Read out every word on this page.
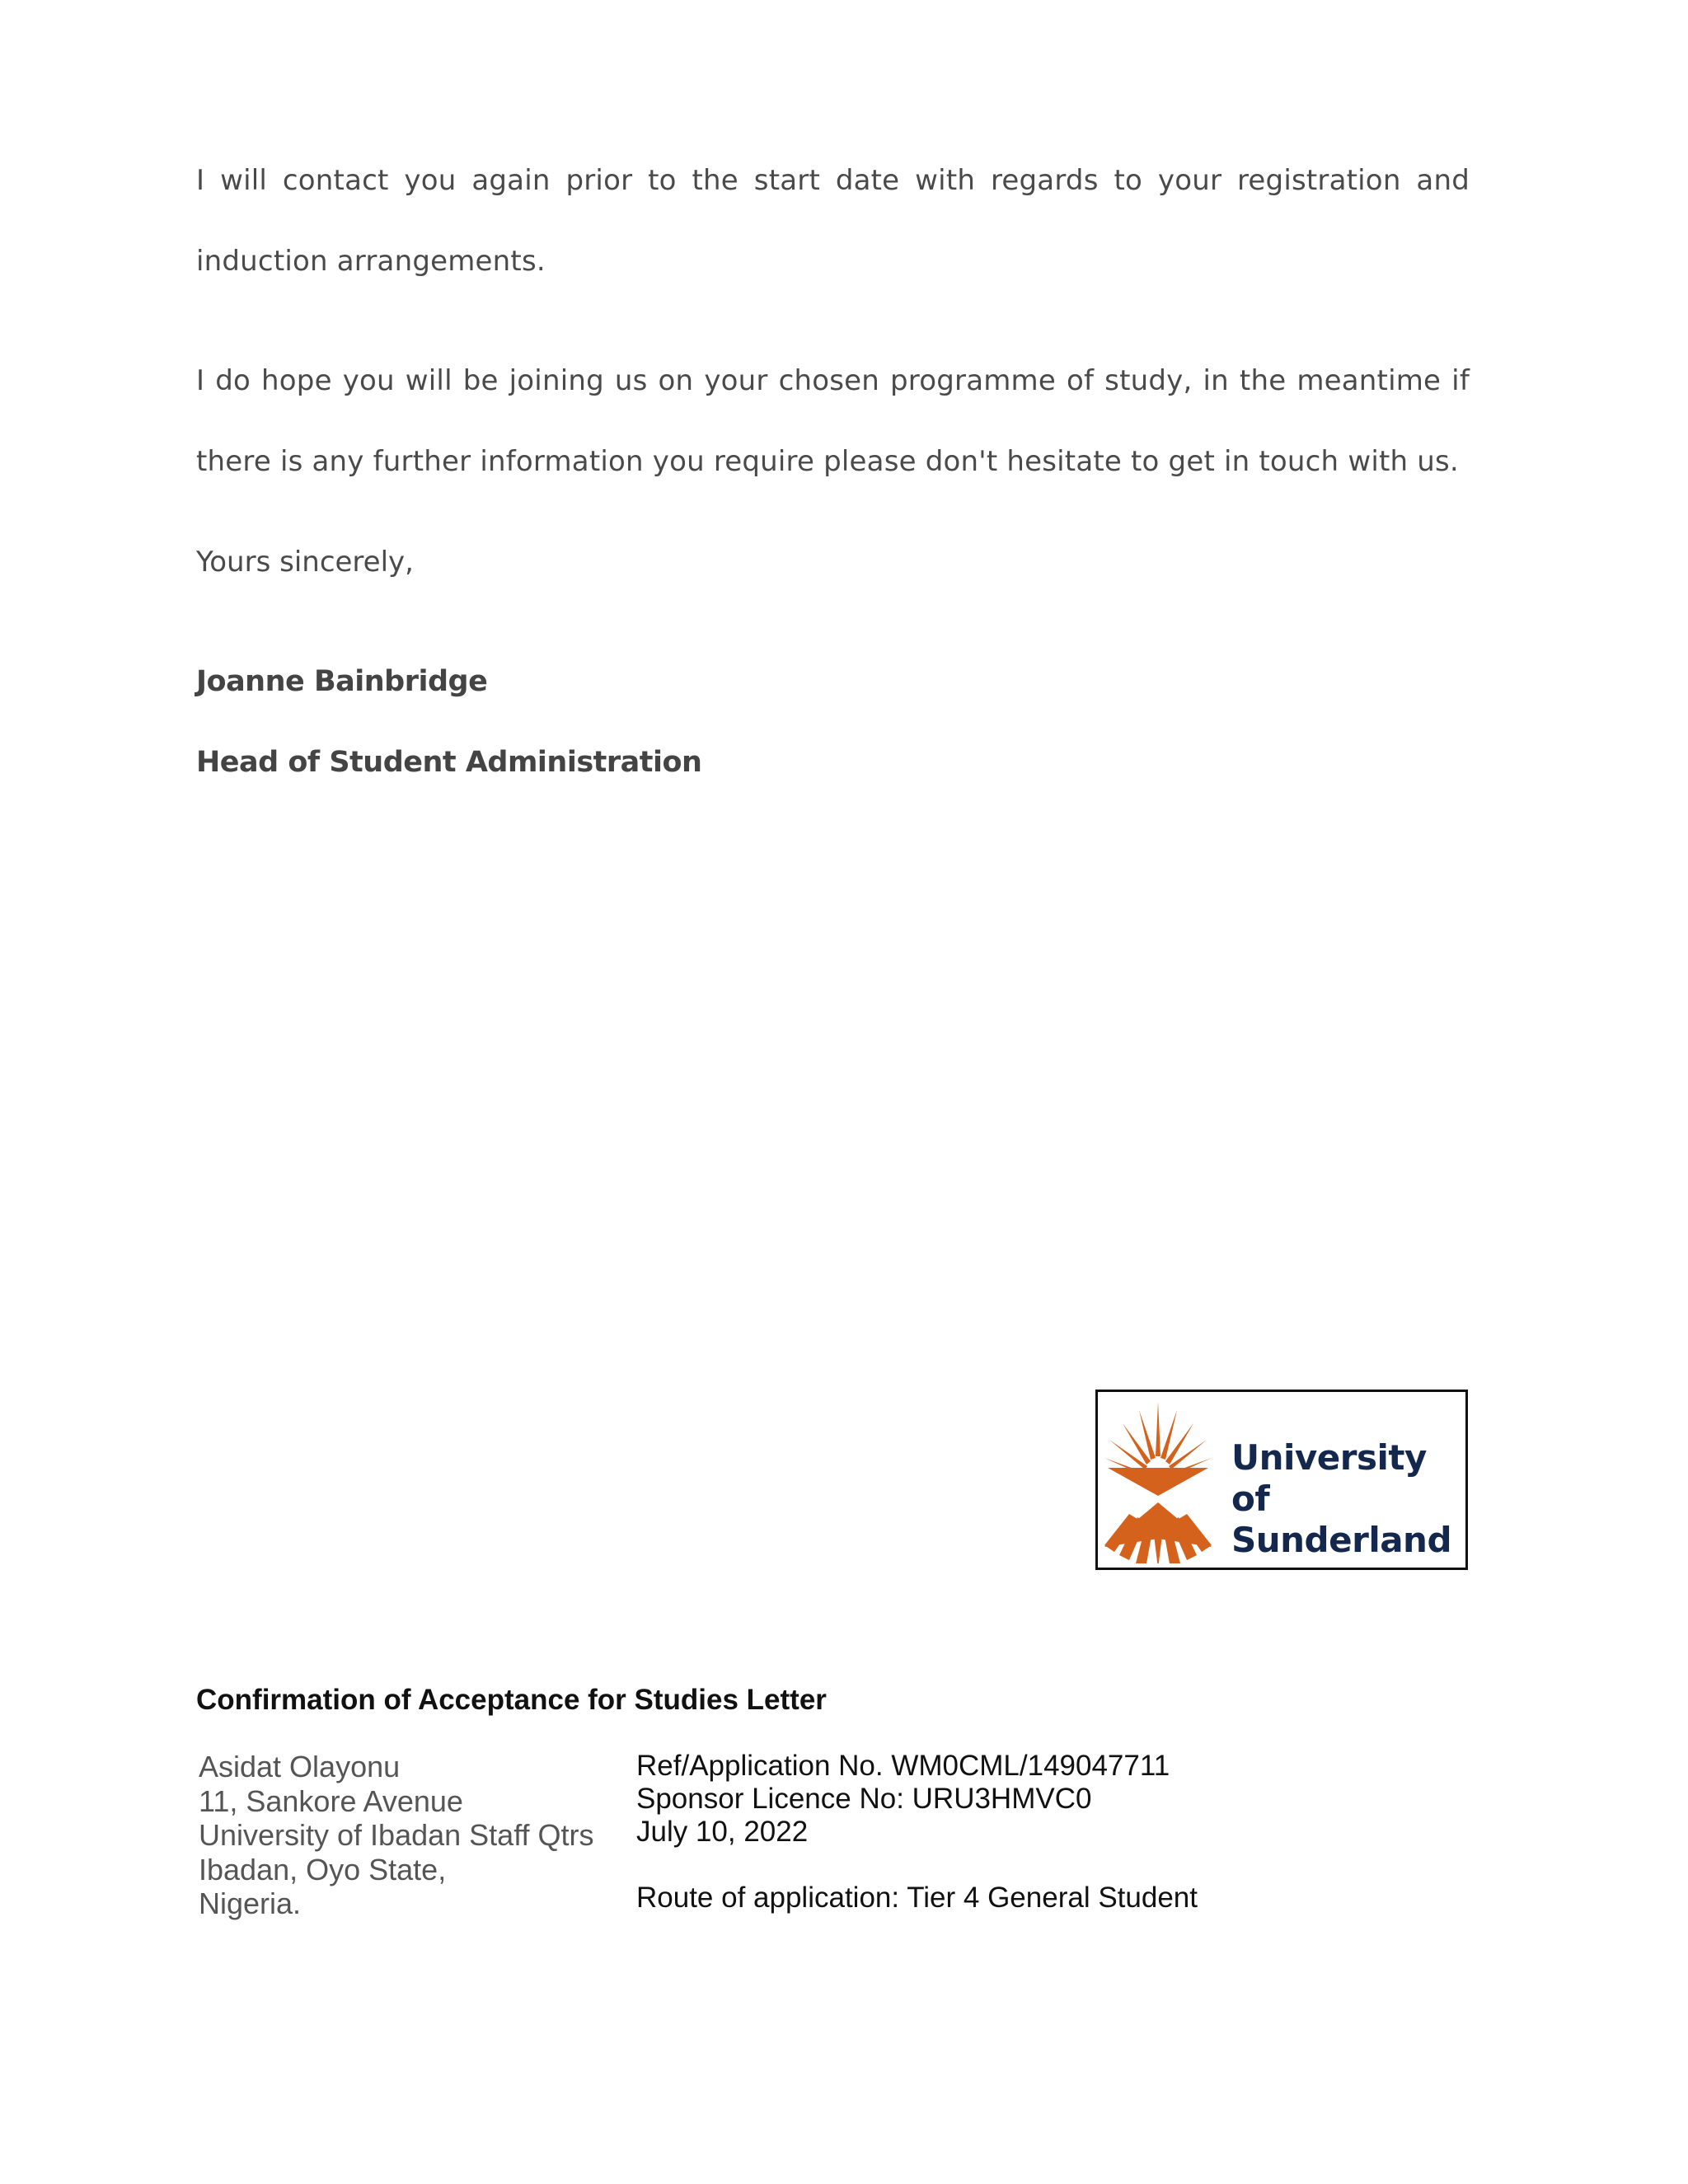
I will contact you again prior to the start date with regards to your registration and induction arrangements.

I do hope you will be joining us on your chosen programme of study, in the meantime if there is any further information you require please don't hesitate to get in touch with us.

Yours sincerely,

Joanne Bainbridge

Head of Student Administration

University of
Sunderland

Confirmation of Acceptance for Studies Letter

Asidat Olayonu
11, Sankore Avenue
University of Ibadan Staff Qtrs
Ibadan, Oyo State,
Nigeria.
Ref/Application No. WM0CML/149047711
Sponsor Licence No: URU3HMVC0
July 10, 2022
Route of application: Tier 4 General Student
